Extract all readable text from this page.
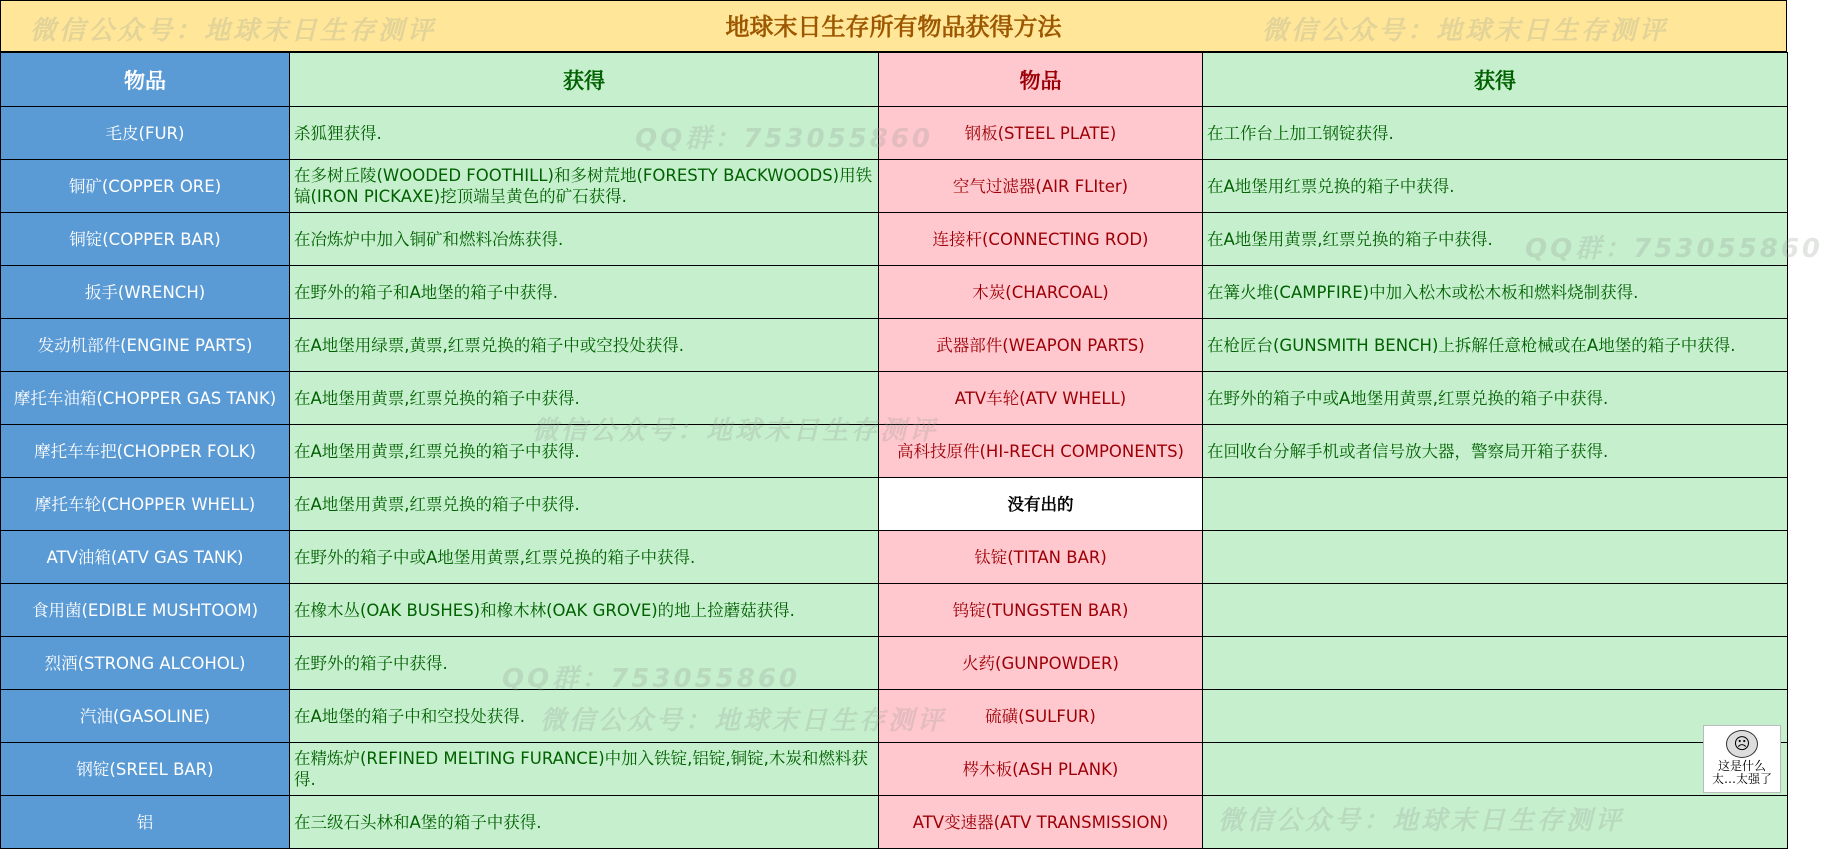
地球末日生存所有物品获得方法
物品	获得	物品	获得

毛皮(FUR)	杀狐狸获得.	钢板(STEEL PLATE)	在工作台上加工钢锭获得.

铜矿(COPPER ORE)	在多树丘陵(WOODED FOOTHILL)和多树荒地(FORESTY BACKWOODS)用铁镐(IRON PICKAXE)挖顶端呈黄色的矿石获得.	空气过滤器(AIR FLIter)	在A地堡用红票兑换的箱子中获得.

铜锭(COPPER BAR)	在冶炼炉中加入铜矿和燃料冶炼获得.	连接杆(CONNECTING ROD)	在A地堡用黄票,红票兑换的箱子中获得.

扳手(WRENCH)	在野外的箱子和A地堡的箱子中获得.	木炭(CHARCOAL)	在篝火堆(CAMPFIRE)中加入松木或松木板和燃料烧制获得.

发动机部件(ENGINE PARTS)	在A地堡用绿票,黄票,红票兑换的箱子中或空投处获得.	武器部件(WEAPON PARTS)	在枪匠台(GUNSMITH BENCH)上拆解任意枪械或在A地堡的箱子中获得.

摩托车油箱(CHOPPER GAS TANK)	在A地堡用黄票,红票兑换的箱子中获得.	ATV车轮(ATV WHELL)	在野外的箱子中或A地堡用黄票,红票兑换的箱子中获得.

摩托车车把(CHOPPER FOLK)	在A地堡用黄票,红票兑换的箱子中获得.	高科技原件(HI-RECH COMPONENTS)	在回收台分解手机或者信号放大器，警察局开箱子获得.

摩托车轮(CHOPPER WHELL)	在A地堡用黄票,红票兑换的箱子中获得.	没有出的	

ATV油箱(ATV GAS TANK)	在野外的箱子中或A地堡用黄票,红票兑换的箱子中获得.	钛锭(TITAN BAR)	

食用菌(EDIBLE MUSHTOOM)	在橡木丛(OAK BUSHES)和橡木林(OAK GROVE)的地上捡蘑菇获得.	钨锭(TUNGSTEN BAR)	

烈酒(STRONG ALCOHOL)	在野外的箱子中获得.	火药(GUNPOWDER)	

汽油(GASOLINE)	在A地堡的箱子中和空投处获得.	硫磺(SULFUR)	

钢锭(SREEL BAR)	在精炼炉(REFINED MELTING FURANCE)中加入铁锭,铝锭,铜锭,木炭和燃料获得.	梣木板(ASH PLANK)	

铝	在三级石头林和A堡的箱子中获得.	ATV变速器(ATV TRANSMISSION)	

微信公众号：地球末日生存测评	微信公众号：地球末日生存测评
QQ群：753055860
QQ群：753055860
微信公众号：地球末日生存测评
QQ群：753055860
微信公众号：地球末日生存测评
微信公众号：地球末日生存测评
☹
这是什么
太…太强了
